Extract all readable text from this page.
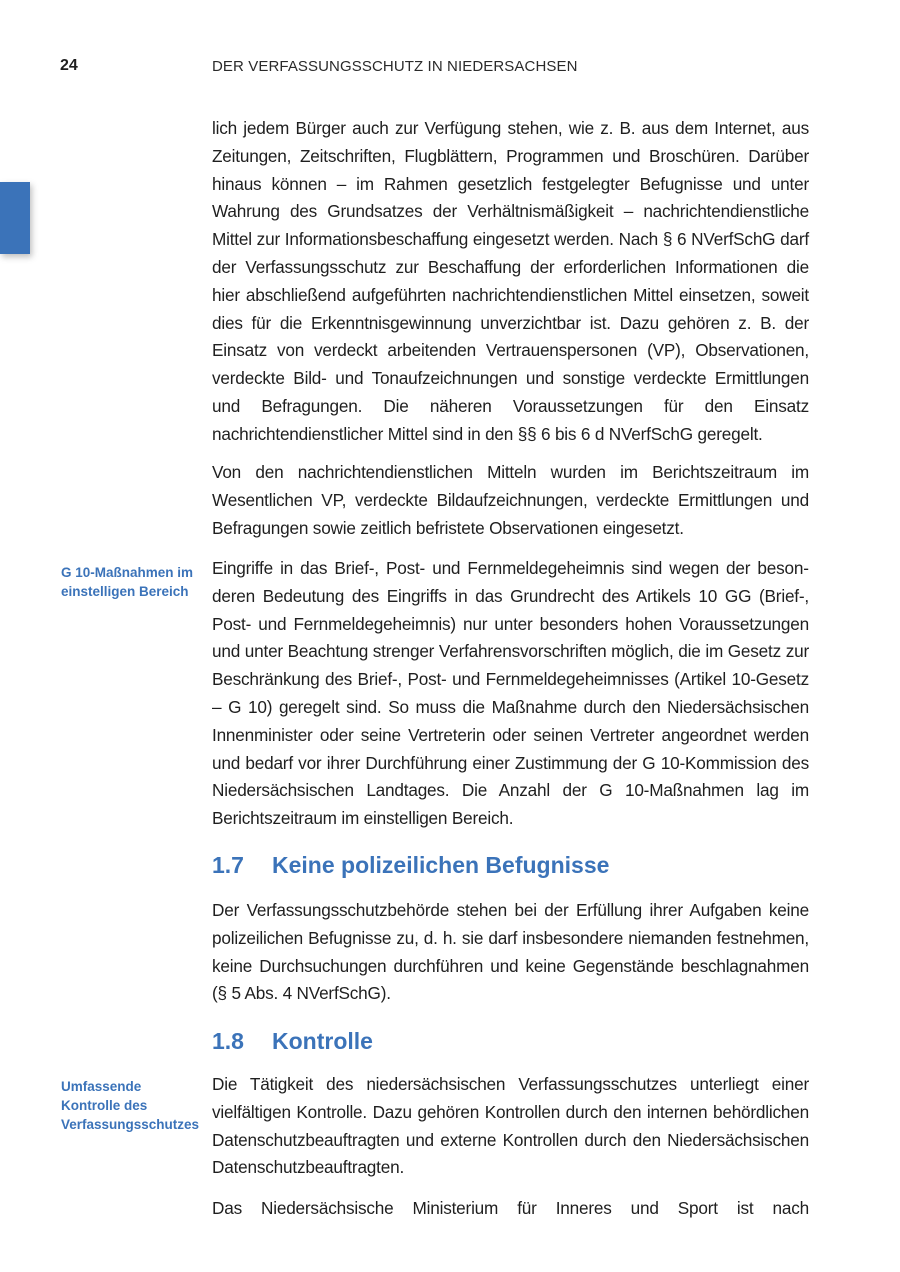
24	DER VERFASSUNGSSCHUTZ IN NIEDERSACHSEN
G 10-Maßnahmen im einstelligen Bereich
Umfassende Kontrolle des Verfassungsschutzes

lich jedem Bürger auch zur Verfügung stehen, wie z. B. aus dem Internet, aus Zeitungen, Zeitschriften, Flugblättern, Programmen und Broschüren. Darüber hinaus können – im Rahmen gesetzlich festgelegter Befugnisse und unter Wahrung des Grundsatzes der Verhältnismäßigkeit – nachrichtendienstliche Mittel zur Informationsbeschaffung eingesetzt werden. Nach § 6 NVerfSchG darf der Verfassungsschutz zur Beschaffung der erforderlichen Informationen die hier abschließend aufgeführten nachrichtendienstlichen Mittel einsetzen, soweit dies für die Erkenntnisgewinnung unverzichtbar ist. Dazu gehören z. B. der Einsatz von verdeckt arbeitenden Vertrauenspersonen (VP), Observationen, verdeckte Bild- und Tonaufzeichnungen und sonstige verdeckte Ermittlungen und Befragungen. Die näheren Voraussetzungen für den Einsatz nachrichtendienstlicher Mittel sind in den §§ 6 bis 6 d NVerfSchG geregelt.

Von den nachrichtendienstlichen Mitteln wurden im Berichtszeitraum im Wesentlichen VP, verdeckte Bildaufzeichnungen, verdeckte Ermittlungen und Befragungen sowie zeitlich befristete Observationen eingesetzt.

Eingriffe in das Brief-, Post- und Fernmeldegeheimnis sind wegen der besonderen Bedeutung des Eingriffs in das Grundrecht des Artikels 10 GG (Brief-, Post- und Fernmeldegeheimnis) nur unter besonders hohen Voraussetzungen und unter Beachtung strenger Verfahrensvorschriften möglich, die im Gesetz zur Beschränkung des Brief-, Post- und Fernmeldegeheimnisses (Artikel 10-Gesetz – G 10) geregelt sind. So muss die Maßnahme durch den Niedersächsischen Innenminister oder seine Vertreterin oder seinen Vertreter angeordnet werden und bedarf vor ihrer Durchführung einer Zustimmung der G 10-Kommission des Niedersächsischen Landtages. Die Anzahl der G 10-Maßnahmen lag im Berichtszeitraum im einstelligen Bereich.

1.7 Keine polizeilichen Befugnisse

Der Verfassungsschutzbehörde stehen bei der Erfüllung ihrer Aufgaben keine polizeilichen Befugnisse zu, d. h. sie darf insbesondere niemanden festnehmen, keine Durchsuchungen durchführen und keine Gegenstände beschlagnahmen (§ 5 Abs. 4 NVerfSchG).

1.8 Kontrolle

Die Tätigkeit des niedersächsischen Verfassungsschutzes unterliegt einer vielfältigen Kontrolle. Dazu gehören Kontrollen durch den internen behördlichen Datenschutzbeauftragten und externe Kontrollen durch den Niedersächsischen Datenschutzbeauftragten.

Das Niedersächsische Ministerium für Inneres und Sport ist nach
